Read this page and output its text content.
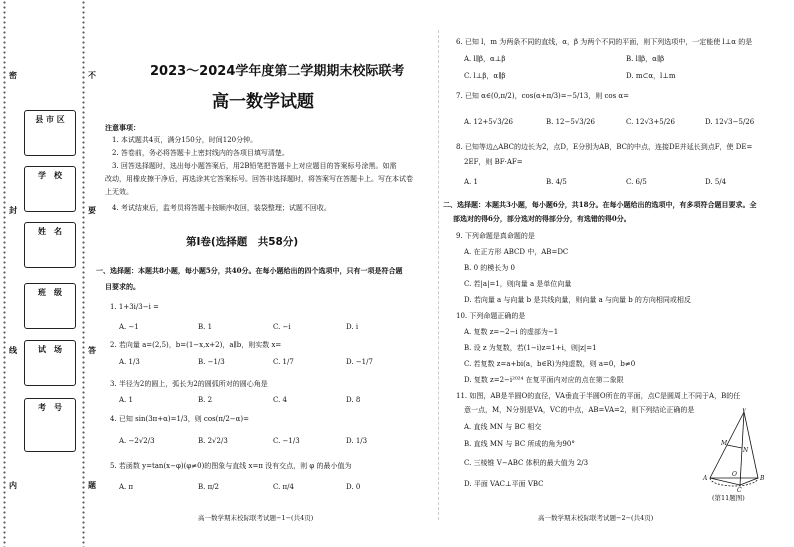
密
封
线
内
不
要
答
题
县 市 区
学　校
姓　名
班　级
试　场
考　号
2023～2024学年度第二学期期末校际联考
高一数学试题
注意事项：
1. 本试题共4页，满分150分，时间120分钟。
2. 答卷前，务必将答题卡上密封线内的各项目填写清楚。
3. 回答选择题时，选出每小题答案后，用2B铅笔把答题卡上对应题目的答案标号涂黑。如需
改动，用橡皮擦干净后，再选涂其它答案标号。回答非选择题时，将答案写在答题卡上。写在本试卷
上无效。
4. 考试结束后，监考员将答题卡按顺序收回，装袋整理；试题不回收。
第Ⅰ卷(选择题　共58分)
一、选择题：本题共8小题，每小题5分，共40分。在每小题给出的四个选项中，只有一项是符合题
目要求的。
1. 1+3i/3−i =
A. −1	B. 1	C. −i	D. i
2. 若向量 a=(2,5)，b=(1−x,x+2)，a∥b，则实数 x=
A. 1/3	B. −1/3	C. 1/7	D. −1/7
3. 半径为2的圆上，弧长为2的圆弧所对的圆心角是
A. 1	B. 2	C. 4	D. 8
4. 已知 sin(3π+α)=1/3，则 cos(π/2−α)=
A. −2√2/3	B. 2√2/3	C. −1/3	D. 1/3
5. 若函数 y=tan(x−φ)(φ≠0)的图象与直线 x=π 没有交点，则 φ 的最小值为
A. π	B. π/2	C. π/4	D. 0
高一数学期末校际联考试题−1−(共4页)
6. 已知 l，m 为两条不同的直线，α，β 为两个不同的平面，则下列选项中，一定能使 l⊥α 的是
A. l∥β，α⊥β	B. l∥β，α∥β
C. l⊥β，α∥β	D. m⊂α，l⊥m
7. 已知 α∈(0,π/2)，cos(α+π/3)=−5/13，则 cos α=
A. 12+5√3/26	B. 12−5√3/26	C. 12√3+5/26	D. 12√3−5/26
8. 已知等边△ABC的边长为2，点D，E分别为AB，BC的中点，连接DE并延长到点F，使 DE=
2EF，则 BF·AF=
A. 1	B. 4/5	C. 6/5	D. 5/4
二、选择题：本题共3小题，每小题6分，共18分。在每小题给出的选项中，有多项符合题目要求。全
部选对的得6分，部分选对的得部分分，有选错的得0分。
9. 下列命题是真命题的是
A. 在正方形 ABCD 中，AB=DC
B. 0 的模长为 0
C. 若|a|=1，则向量 a 是单位向量
D. 若向量 a 与向量 b 是共线向量，则向量 a 与向量 b 的方向相同或相反
10. 下列命题正确的是
A. 复数 z=−2−i 的虚部为−1
B. 设 z 为复数，若(1−i)z=1+i，则|z|=1
C. 若复数 z=a+bi(a，b∈R)为纯虚数，则 a=0，b≠0
D. 复数 z=2−i²⁰²⁴ 在复平面内对应的点在第二象限
11. 如图，AB是半圆O的直径，VA垂直于半圆O所在的平面，点C是圆周上不同于A，B的任
意一点，M，N分别是VA，VC的中点，AB=VA=2，则下列结论正确的是
A. 直线 MN 与 BC 相交
B. 直线 MN 与 BC 所成的角为90°
C. 三棱锥 V−ABC 体积的最大值为 2/3
D. 平面 VAC⊥平面 VBC
V
M
N
A	B
C
O
(第11题图)
高一数学期末校际联考试题−2−(共4页)
